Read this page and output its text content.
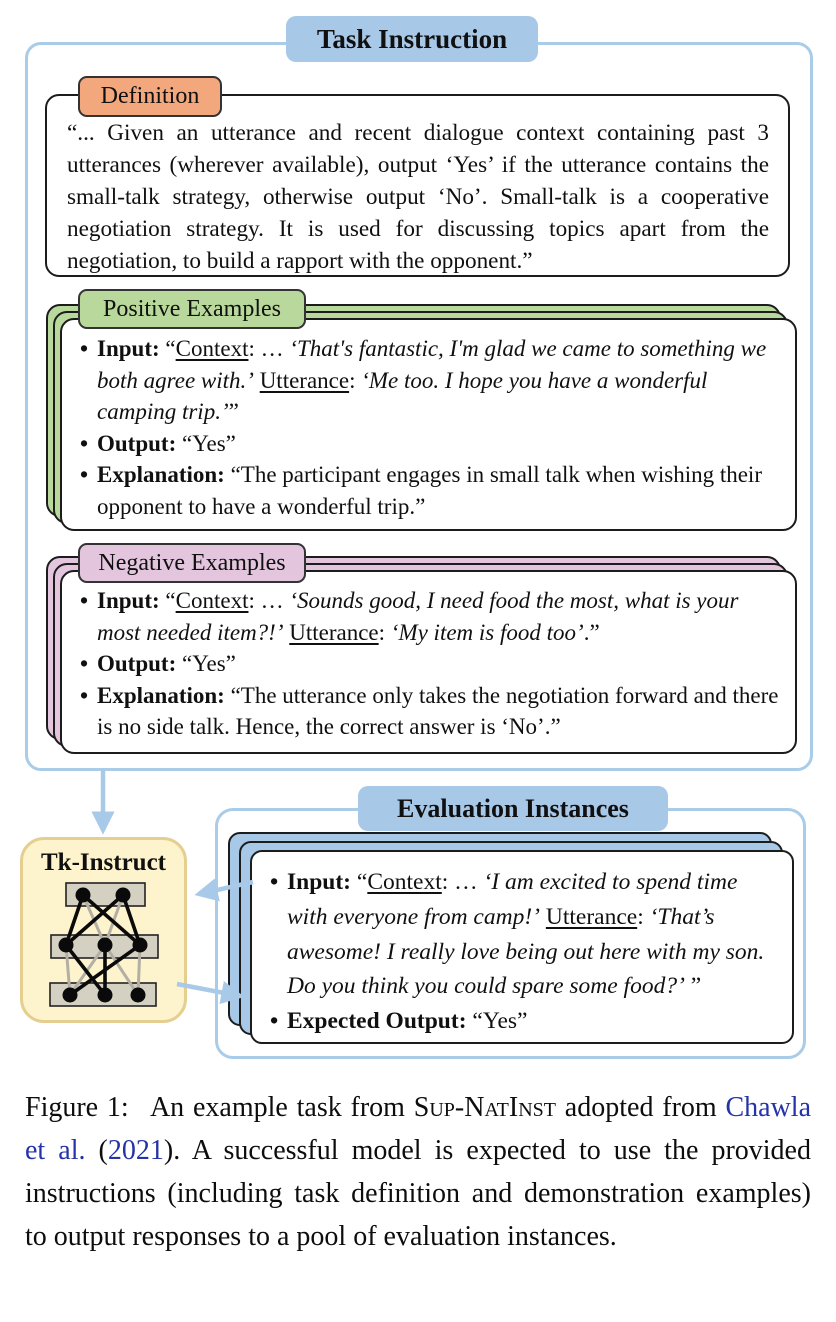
Task Instruction
“... Given an utterance and recent dialogue context containing past 3 utterances (wherever available), output ‘Yes’ if the utterance contains the small-talk strategy, otherwise output ‘No’. Small-talk is a cooperative negotiation strategy. It is used for discussing topics apart from the negotiation, to build a rapport with the opponent.”
Definition
• Input: “Context: … ‘That's fantastic, I'm glad we came to something we both agree with.’ Utterance: ‘Me too. I hope you have a wonderful camping trip.’”
• Output: “Yes”
• Explanation: “The participant engages in small talk when wishing their opponent to have a wonderful trip.”
Positive Examples
• Input: “Context: … ‘Sounds good, I need food the most, what is your most needed item?!’ Utterance: ‘My item is food too’.”
• Output: “Yes”
• Explanation: “The utterance only takes the negotiation forward and there is no side talk. Hence, the correct answer is ‘No’.”
Negative Examples
Tk-Instruct
Evaluation Instances
• Input: “Context: … ‘I am excited to spend time with everyone from camp!’ Utterance: ‘That’s awesome! I really love being out here with my son. Do you think you could spare some food?’ ”
• Expected Output: “Yes”
Figure 1:  An example task from Sup-NatInst adopted from Chawla et al. (2021). A successful model is expected to use the provided instructions (including task definition and demonstration examples) to output responses to a pool of evaluation instances.
